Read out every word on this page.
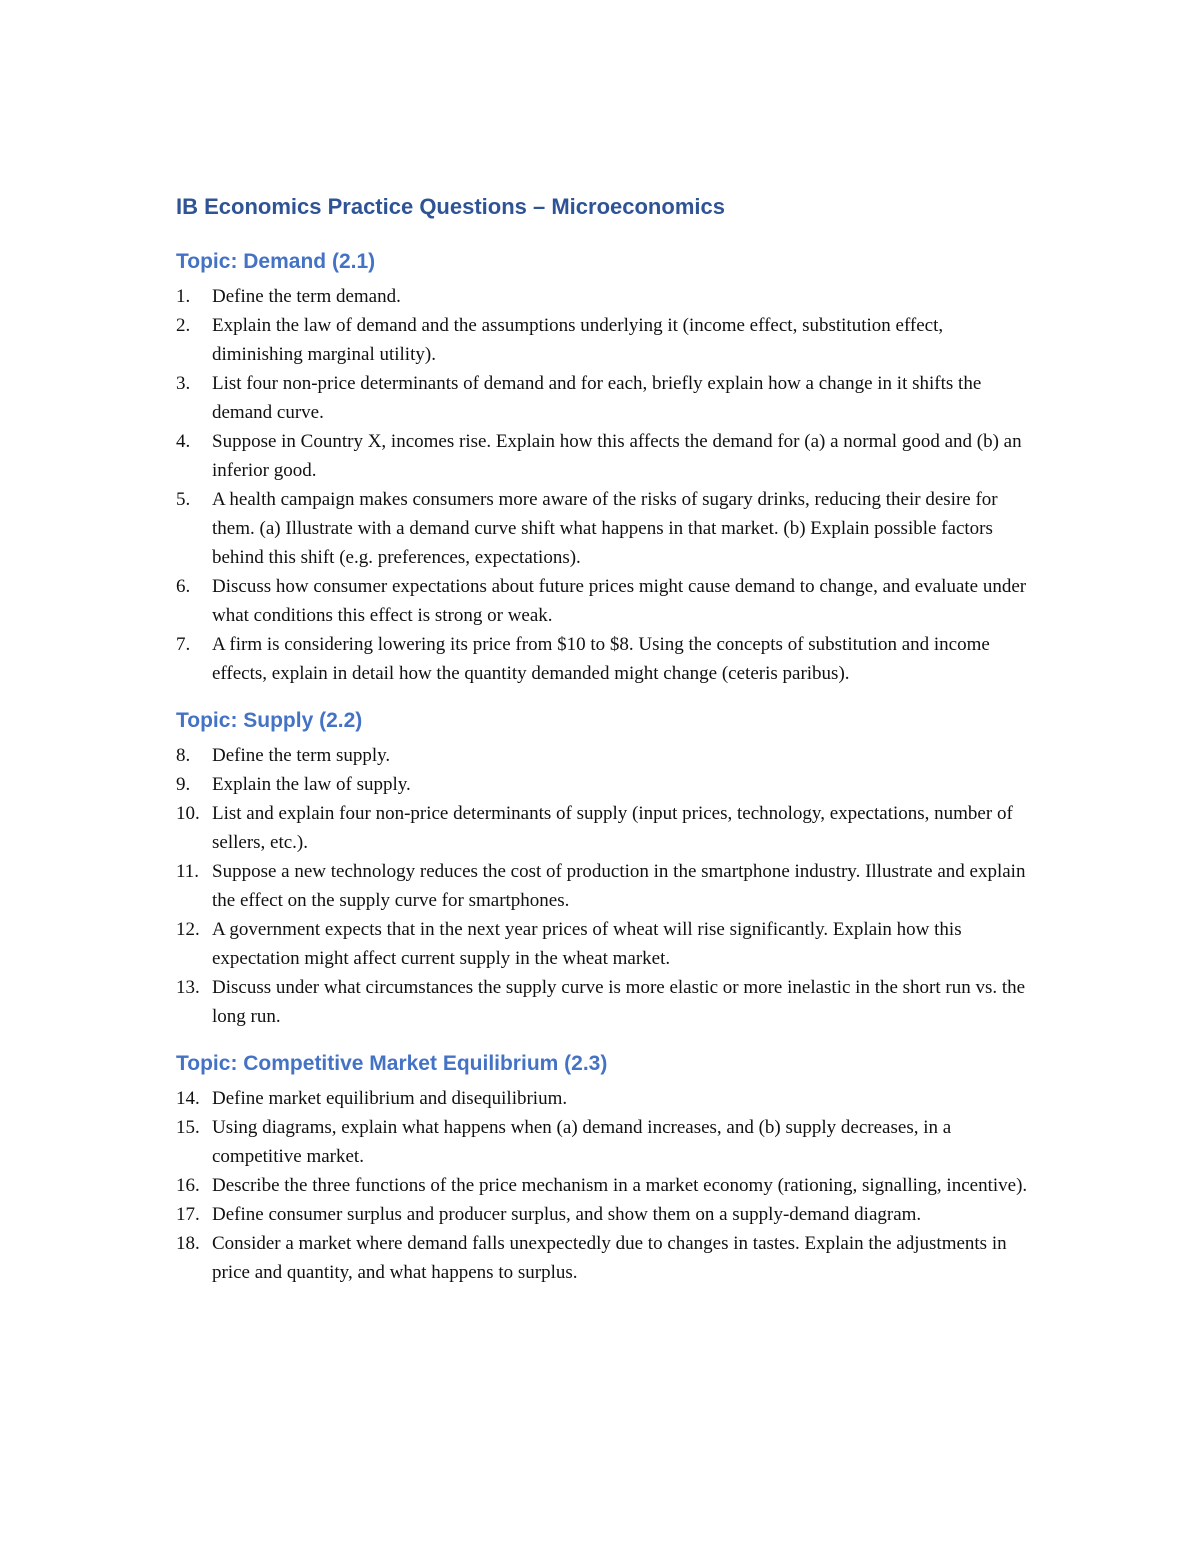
IB Economics Practice Questions – Microeconomics
Topic: Demand (2.1)
1. Define the term demand.
2. Explain the law of demand and the assumptions underlying it (income effect, substitution effect, diminishing marginal utility).
3. List four non-price determinants of demand and for each, briefly explain how a change in it shifts the demand curve.
4. Suppose in Country X, incomes rise. Explain how this affects the demand for (a) a normal good and (b) an inferior good.
5. A health campaign makes consumers more aware of the risks of sugary drinks, reducing their desire for them. (a) Illustrate with a demand curve shift what happens in that market. (b) Explain possible factors behind this shift (e.g. preferences, expectations).
6. Discuss how consumer expectations about future prices might cause demand to change, and evaluate under what conditions this effect is strong or weak.
7. A firm is considering lowering its price from $10 to $8. Using the concepts of substitution and income effects, explain in detail how the quantity demanded might change (ceteris paribus).
Topic: Supply (2.2)
8. Define the term supply.
9. Explain the law of supply.
10. List and explain four non-price determinants of supply (input prices, technology, expectations, number of sellers, etc.).
11. Suppose a new technology reduces the cost of production in the smartphone industry. Illustrate and explain the effect on the supply curve for smartphones.
12. A government expects that in the next year prices of wheat will rise significantly. Explain how this expectation might affect current supply in the wheat market.
13. Discuss under what circumstances the supply curve is more elastic or more inelastic in the short run vs. the long run.
Topic: Competitive Market Equilibrium (2.3)
14. Define market equilibrium and disequilibrium.
15. Using diagrams, explain what happens when (a) demand increases, and (b) supply decreases, in a competitive market.
16. Describe the three functions of the price mechanism in a market economy (rationing, signalling, incentive).
17. Define consumer surplus and producer surplus, and show them on a supply-demand diagram.
18. Consider a market where demand falls unexpectedly due to changes in tastes. Explain the adjustments in price and quantity, and what happens to surplus.
